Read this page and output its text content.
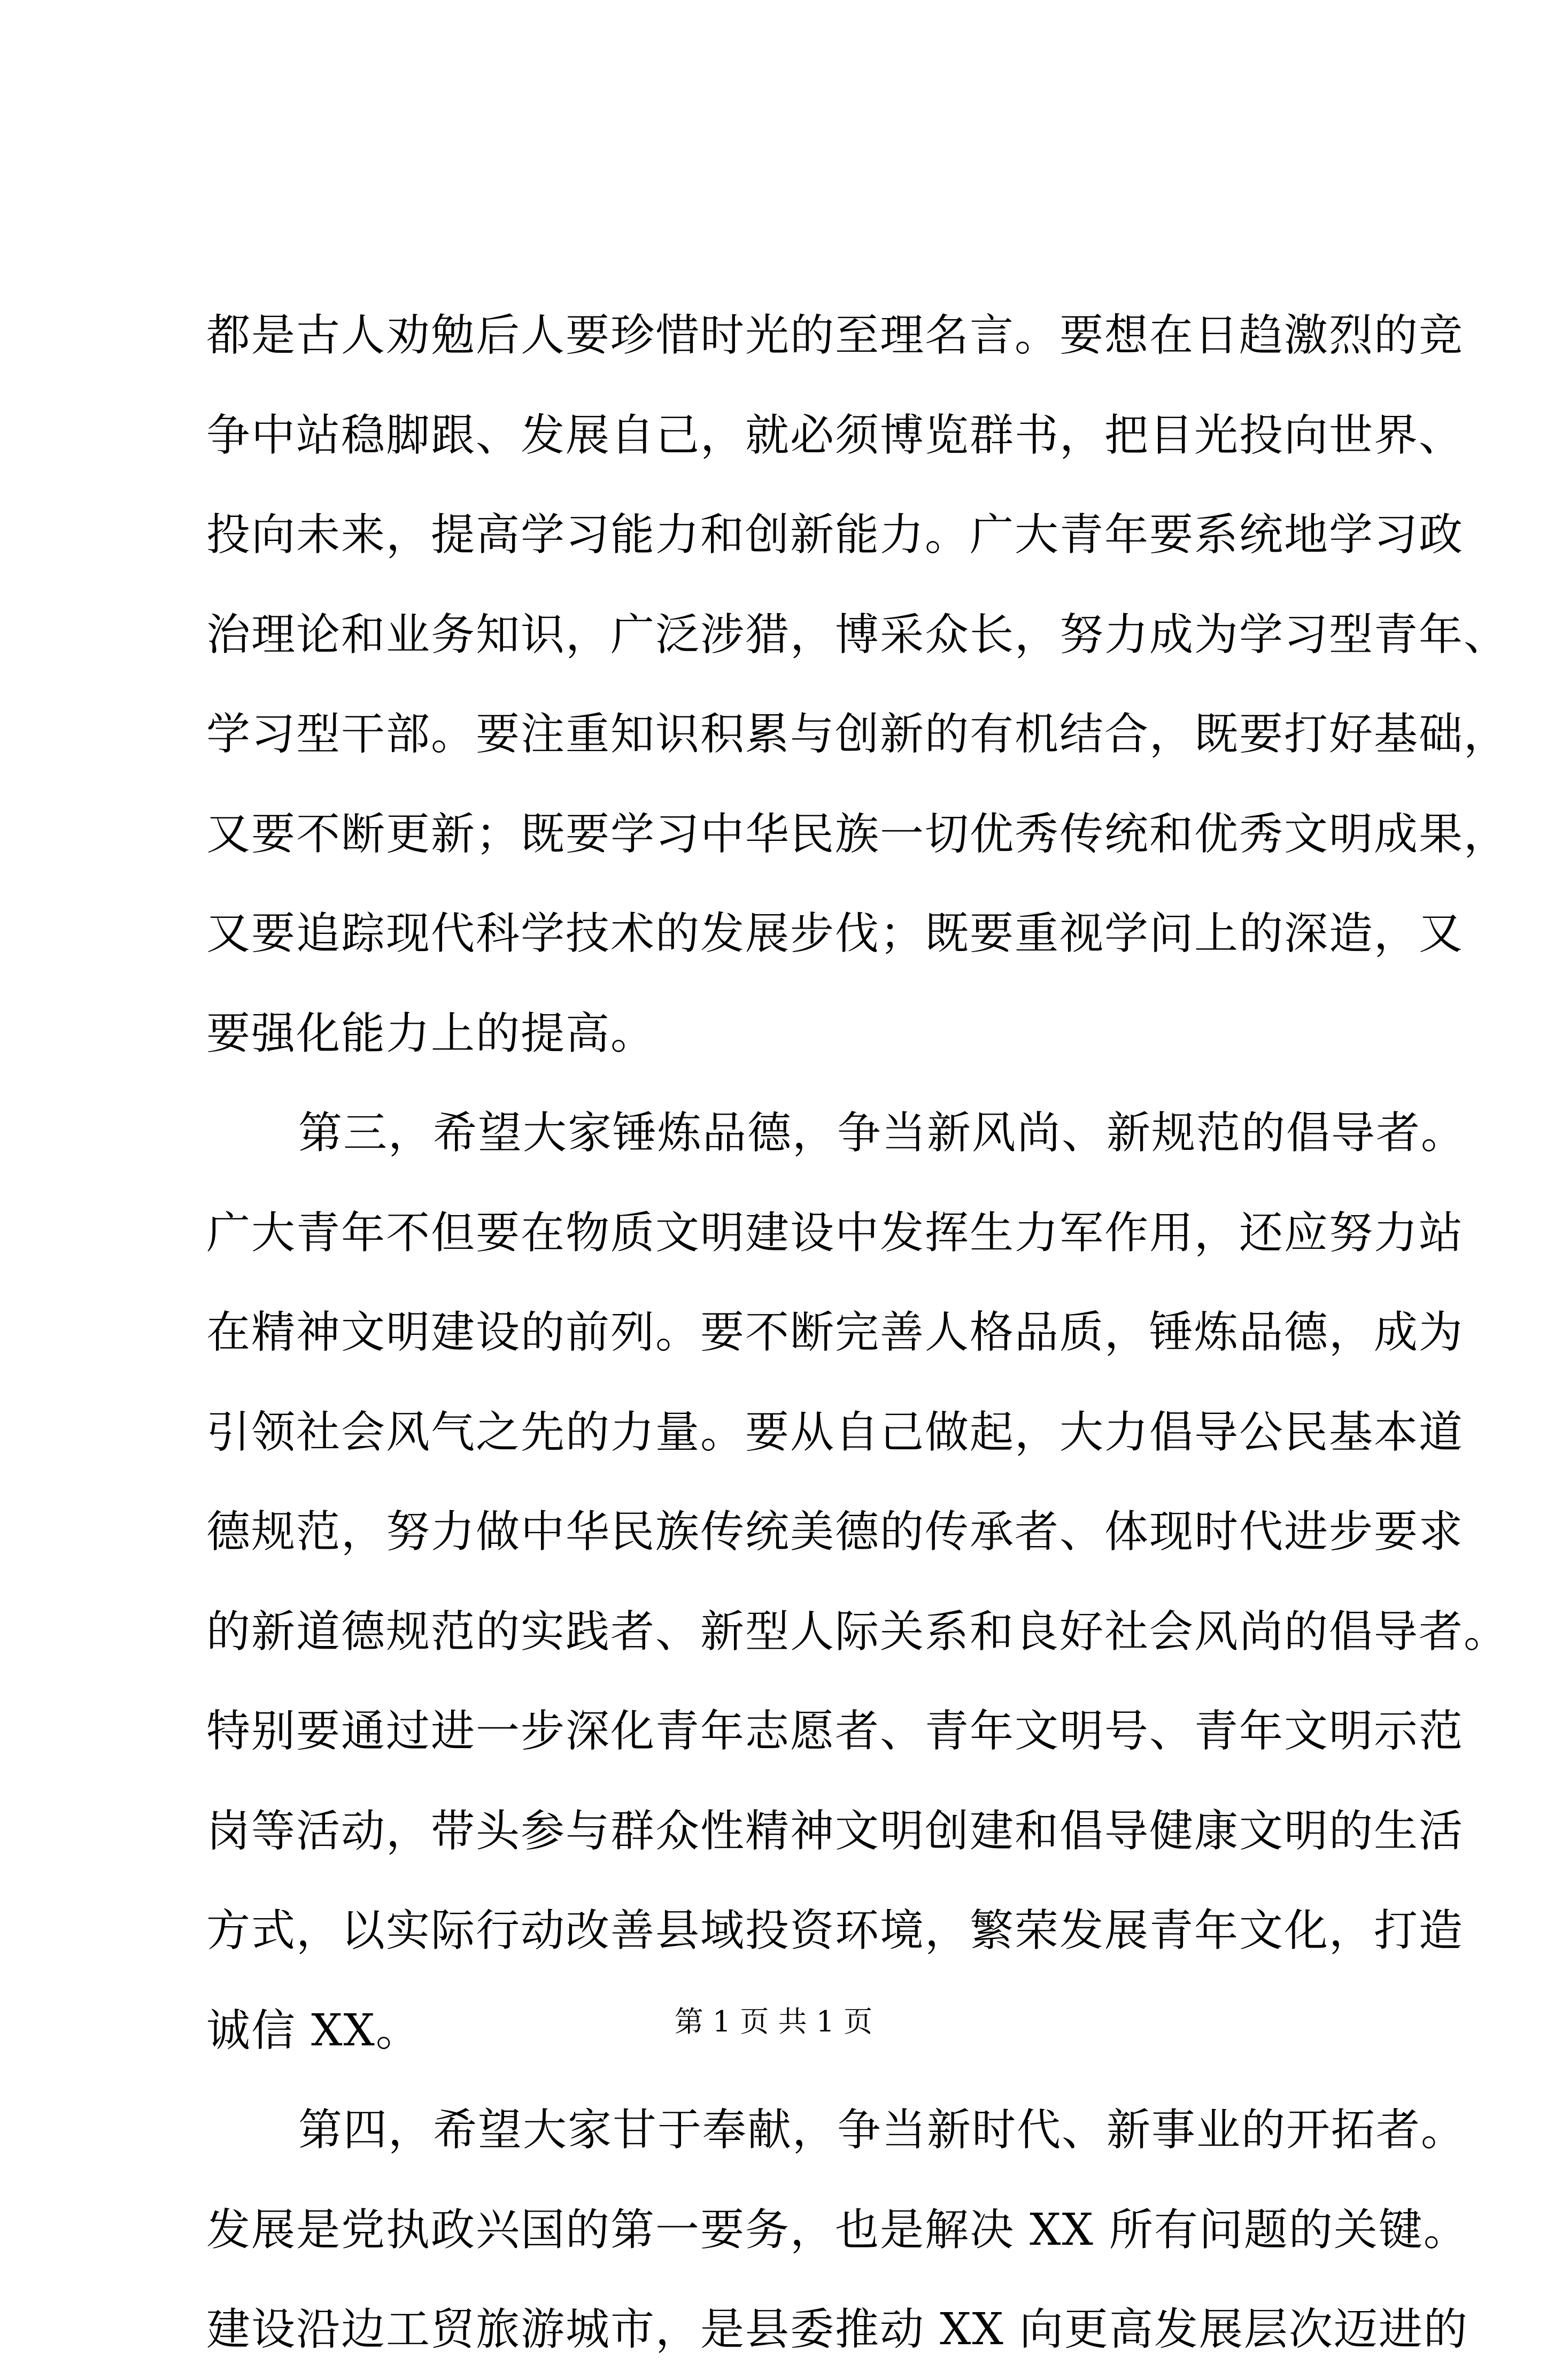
都是古人劝勉后人要珍惜时光的至理名言。要想在日趋激烈的竞
争中站稳脚跟、发展自己，就必须博览群书，把目光投向世界、
投向未来，提高学习能力和创新能力。广大青年要系统地学习政
治理论和业务知识，广泛涉猎，博采众长，努力成为学习型青年、
学习型干部。要注重知识积累与创新的有机结合，既要打好基础，
又要不断更新；既要学习中华民族一切优秀传统和优秀文明成果，
又要追踪现代科学技术的发展步伐；既要重视学问上的深造，又
要强化能力上的提高。
第三，希望大家锤炼品德，争当新风尚、新规范的倡导者。
广大青年不但要在物质文明建设中发挥生力军作用，还应努力站
在精神文明建设的前列。要不断完善人格品质，锤炼品德，成为
引领社会风气之先的力量。要从自己做起，大力倡导公民基本道
德规范，努力做中华民族传统美德的传承者、体现时代进步要求
的新道德规范的实践者、新型人际关系和良好社会风尚的倡导者。
特别要通过进一步深化青年志愿者、青年文明号、青年文明示范
岗等活动，带头参与群众性精神文明创建和倡导健康文明的生活
方式，以实际行动改善县域投资环境，繁荣发展青年文化，打造
诚信 XX。
第四，希望大家甘于奉献，争当新时代、新事业的开拓者。
发展是党执政兴国的第一要务，也是解决 XX 所有问题的关键。
建设沿边工贸旅游城市，是县委推动 XX 向更高发展层次迈进的
第 1 页 共 1 页
